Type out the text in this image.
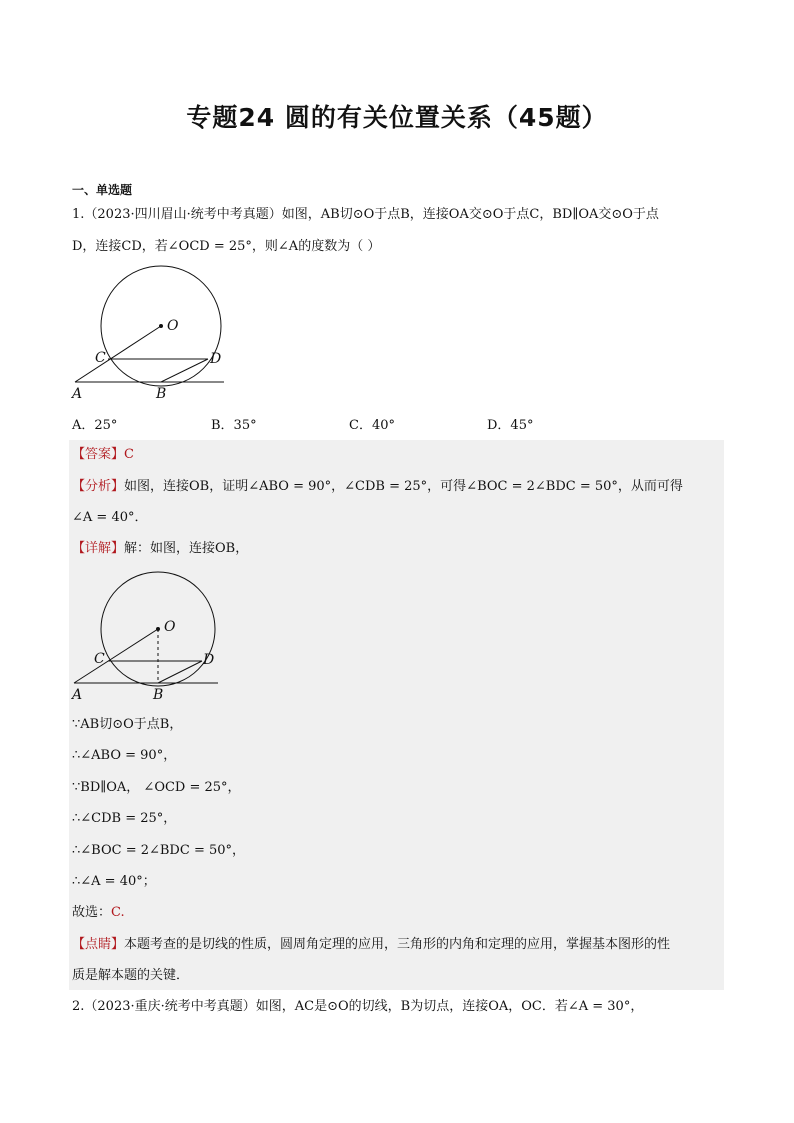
专题24 圆的有关位置关系（45题）
一、单选题
1.（2023·四川眉山·统考中考真题）如图，AB切⊙O于点B，连接OA交⊙O于点C，BD∥OA交⊙O于点
D，连接CD，若∠OCD = 25°，则∠A的度数为（ ）
O
C	D
A	B
A．25°	B．35°	C．40°	D．45°
【答案】C
【分析】如图，连接OB，证明∠ABO = 90°，∠CDB = 25°，可得∠BOC = 2∠BDC = 50°，从而可得
∠A = 40°．
【详解】解：如图，连接OB，
O
C	D
A	B
∵AB切⊙O于点B，
∴∠ABO = 90°，
∵BD∥OA， ∠OCD = 25°，
∴∠CDB = 25°，
∴∠BOC = 2∠BDC = 50°，
∴∠A = 40°；
故选：C.
【点睛】本题考查的是切线的性质，圆周角定理的应用，三角形的内角和定理的应用，掌握基本图形的性
质是解本题的关键．
2.（2023·重庆·统考中考真题）如图，AC是⊙O的切线，B为切点，连接OA，OC．若∠A = 30°，
